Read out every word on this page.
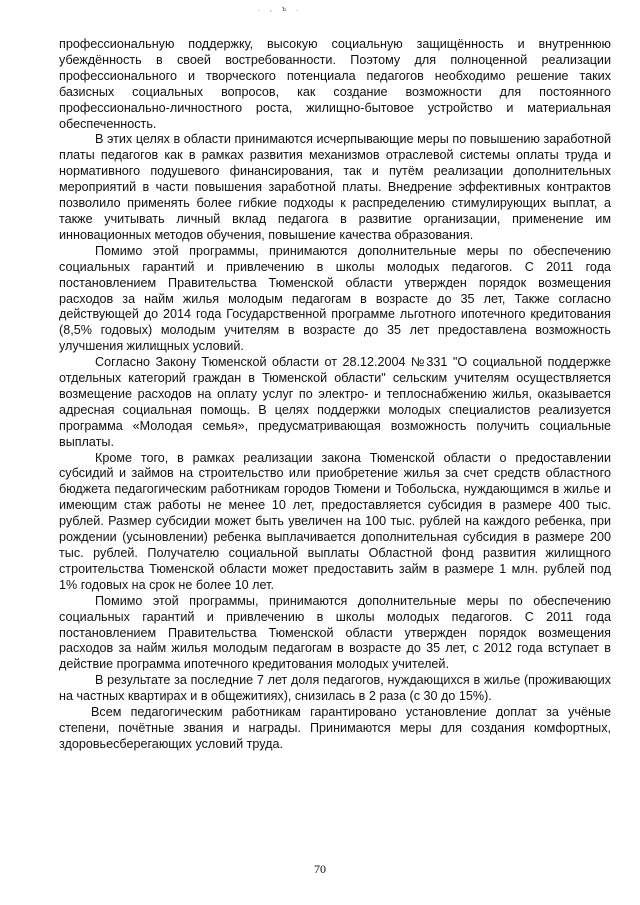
. , ъ .

профессиональную поддержку, высокую социальную защищённость и внутреннюю убеждённость в своей востребованности. Поэтому для полноценной реализации профессионального и творческого потенциала педагогов необходимо решение таких базисных социальных вопросов, как создание возможности для постоянного профессионально-личностного роста, жилищно-бытовое устройство и материальная обеспеченность.

В этих целях в области принимаются исчерпывающие меры по повышению заработной платы педагогов как в рамках развития механизмов отраслевой системы оплаты труда и нормативного подушевого финансирования, так и путём реализации дополнительных мероприятий в части повышения заработной платы. Внедрение эффективных контрактов позволило применять более гибкие подходы к распределению стимулирующих выплат, а также учитывать личный вклад педагога в развитие организации, применение им инновационных методов обучения, повышение качества образования.

Помимо этой программы, принимаются дополнительные меры по обеспечению социальных гарантий и привлечению в школы молодых педагогов. С 2011 года постановлением Правительства Тюменской области утвержден порядок возмещения расходов за найм жилья молодым педагогам в возрасте до 35 лет, Также согласно действующей до 2014 года Государственной программе льготного ипотечного кредитования (8,5% годовых) молодым учителям в возрасте до 35 лет предоставлена возможность улучшения жилищных условий.

Согласно Закону Тюменской области от 28.12.2004 №331 "О социальной поддержке отдельных категорий граждан в Тюменской области" сельским учителям осуществляется возмещение расходов на оплату услуг по электро- и теплоснабжению жилья, оказывается адресная социальная помощь. В целях поддержки молодых специалистов реализуется программа «Молодая семья», предусматривающая возможность получить социальные выплаты.

Кроме того, в рамках реализации закона Тюменской области о предоставлении субсидий и займов на строительство или приобретение жилья за счет средств областного бюджета педагогическим работникам городов Тюмени и Тобольска, нуждающимся в жилье и имеющим стаж работы не менее 10 лет, предоставляется субсидия в размере 400 тыс. рублей. Размер субсидии может быть увеличен на 100 тыс. рублей на каждого ребенка, при рождении (усыновлении) ребенка выплачивается дополнительная субсидия в размере 200 тыс. рублей. Получателю социальной выплаты Областной фонд развития жилищного строительства Тюменской области может предоставить займ в размере 1 млн. рублей под 1% годовых на срок не более 10 лет.

Помимо этой программы, принимаются дополнительные меры по обеспечению социальных гарантий и привлечению в школы молодых педагогов. С 2011 года постановлением Правительства Тюменской области утвержден порядок возмещения расходов за найм жилья молодым педагогам в возрасте до 35 лет, с 2012 года вступает в действие программа ипотечного кредитования молодых учителей.

В результате за последние 7 лет доля педагогов, нуждающихся в жилье (проживающих на частных квартирах и в общежитиях), снизилась в 2 раза (с 30 до 15%).

Всем педагогическим работникам гарантировано установление доплат за учёные степени, почётные звания и награды. Принимаются меры для создания комфортных, здоровьесберегающих условий труда.

70
